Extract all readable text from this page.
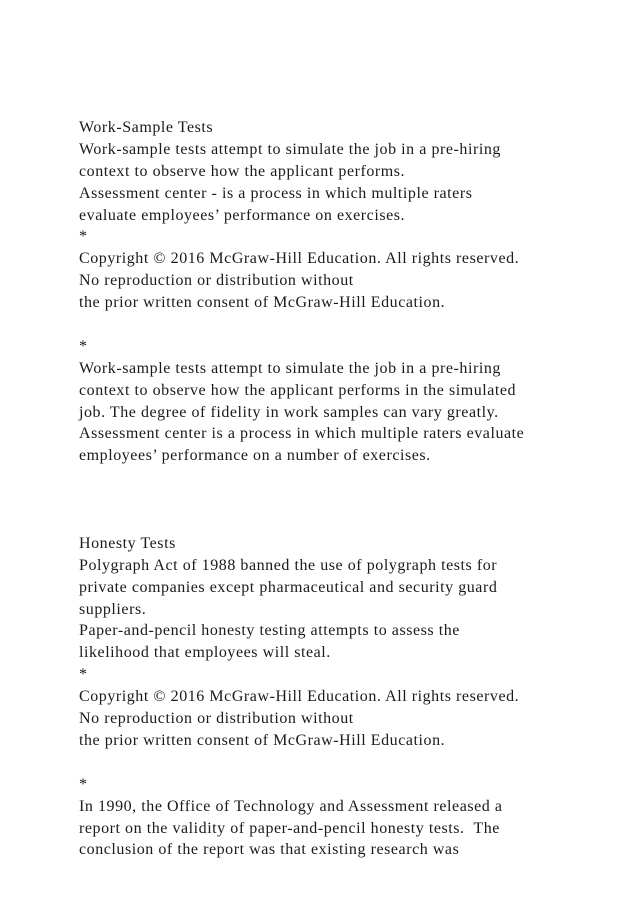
Work-Sample Tests
Work-sample tests attempt to simulate the job in a pre-hiring
context to observe how the applicant performs.
Assessment center - is a process in which multiple raters
evaluate employees’ performance on exercises.
*
Copyright © 2016 McGraw-Hill Education. All rights reserved.
No reproduction or distribution without
the prior written consent of McGraw-Hill Education.
*
Work-sample tests attempt to simulate the job in a pre-hiring
context to observe how the applicant performs in the simulated
job. The degree of fidelity in work samples can vary greatly.
Assessment center is a process in which multiple raters evaluate
employees’ performance on a number of exercises.
Honesty Tests
Polygraph Act of 1988 banned the use of polygraph tests for
private companies except pharmaceutical and security guard
suppliers.
Paper-and-pencil honesty testing attempts to assess the
likelihood that employees will steal.
*
Copyright © 2016 McGraw-Hill Education. All rights reserved.
No reproduction or distribution without
the prior written consent of McGraw-Hill Education.
*
In 1990, the Office of Technology and Assessment released a
report on the validity of paper-and-pencil honesty tests.  The
conclusion of the report was that existing research was
